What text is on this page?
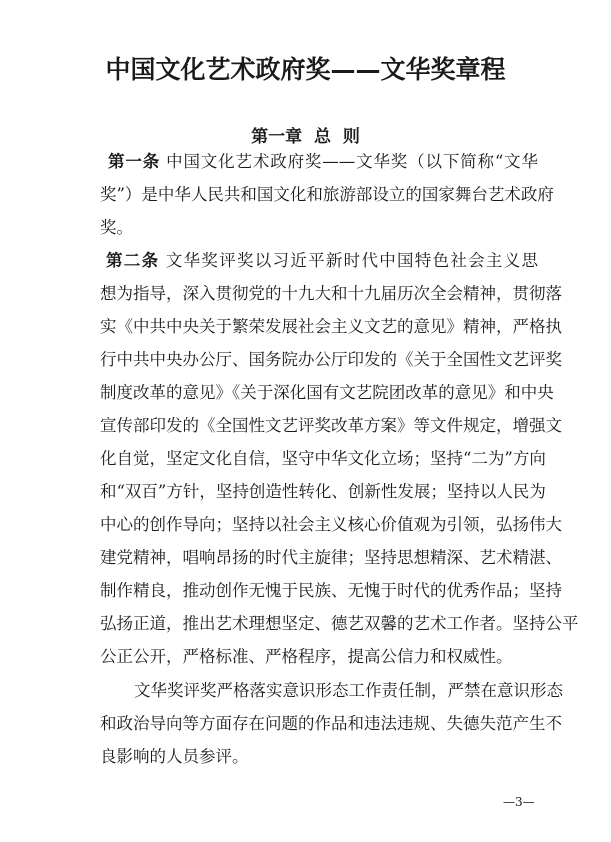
中国文化艺术政府奖——文华奖章程
第一章  总  则
第一条 中国文化艺术政府奖——文华奖（以下简称“文华
奖”）是中华人民共和国文化和旅游部设立的国家舞台艺术政府
奖。
第二条 文华奖评奖以习近平新时代中国特色社会主义思
想为指导，深入贯彻党的十九大和十九届历次全会精神，贯彻落
实《中共中央关于繁荣发展社会主义文艺的意见》精神，严格执
行中共中央办公厅、国务院办公厅印发的《关于全国性文艺评奖
制度改革的意见》《关于深化国有文艺院团改革的意见》和中央
宣传部印发的《全国性文艺评奖改革方案》等文件规定，增强文
化自觉，坚定文化自信，坚守中华文化立场；坚持“二为”方向
和“双百”方针，坚持创造性转化、创新性发展；坚持以人民为
中心的创作导向；坚持以社会主义核心价值观为引领，弘扬伟大
建党精神，唱响昂扬的时代主旋律；坚持思想精深、艺术精湛、
制作精良，推动创作无愧于民族、无愧于时代的优秀作品；坚持
弘扬正道，推出艺术理想坚定、德艺双馨的艺术工作者。坚持公平
公正公开，严格标准、严格程序，提高公信力和权威性。
文华奖评奖严格落实意识形态工作责任制，严禁在意识形态
和政治导向等方面存在问题的作品和违法违规、失德失范产生不
良影响的人员参评。
—3—
